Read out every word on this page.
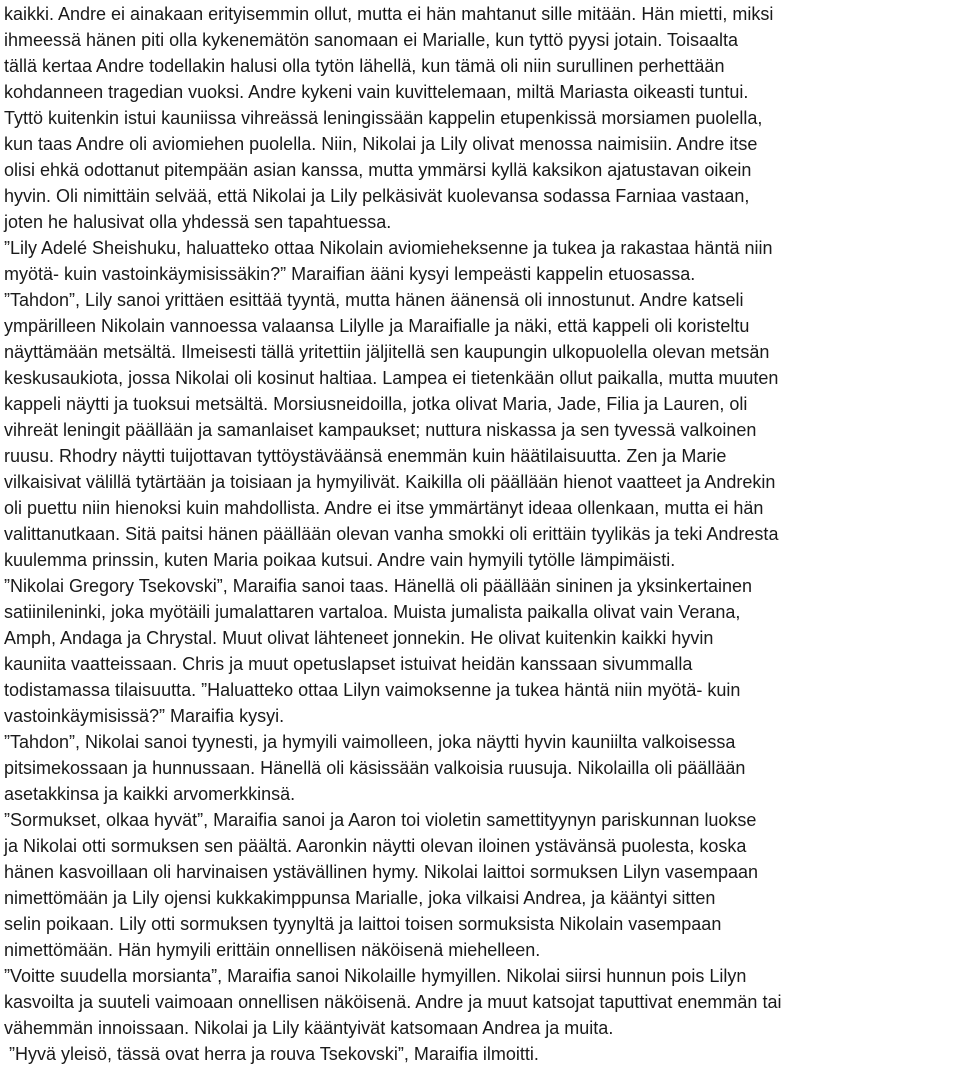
kaikki. Andre ei ainakaan erityisemmin ollut, mutta ei hän mahtanut sille mitään. Hän mietti, miksi
ihmeessä hänen piti olla kykenemätön sanomaan ei Marialle, kun tyttö pyysi jotain. Toisaalta
tällä kertaa Andre todellakin halusi olla tytön lähellä, kun tämä oli niin surullinen perhettään
kohdanneen tragedian vuoksi. Andre kykeni vain kuvittelemaan, miltä Mariasta oikeasti tuntui.
Tyttö kuitenkin istui kauniissa vihreässä leningissään kappelin etupenkissä morsiamen puolella,
kun taas Andre oli aviomiehen puolella. Niin, Nikolai ja Lily olivat menossa naimisiin. Andre itse
olisi ehkä odottanut pitempään asian kanssa, mutta ymmärsi kyllä kaksikon ajatustavan oikein
hyvin. Oli nimittäin selvää, että Nikolai ja Lily pelkäsivät kuolevansa sodassa Farniaa vastaan,
joten he halusivat olla yhdessä sen tapahtuessa.
”Lily Adelé Sheishuku, haluatteko ottaa Nikolain aviomieheksenne ja tukea ja rakastaa häntä niin
myötä- kuin vastoinkäymisissäkin?” Maraifian ääni kysyi lempeästi kappelin etuosassa.
”Tahdon”, Lily sanoi yrittäen esittää tyyntä, mutta hänen äänensä oli innostunut. Andre katseli
ympärilleen Nikolain vannoessa valaansa Lilylle ja Maraifialle ja näki, että kappeli oli koristeltu
näyttämään metsältä. Ilmeisesti tällä yritettiin jäljitellä sen kaupungin ulkopuolella olevan metsän
keskusaukiota, jossa Nikolai oli kosinut haltiaa. Lampea ei tietenkään ollut paikalla, mutta muuten
kappeli näytti ja tuoksui metsältä. Morsiusneidoilla, jotka olivat Maria, Jade, Filia ja Lauren, oli
vihreät leningit päällään ja samanlaiset kampaukset; nuttura niskassa ja sen tyvessä valkoinen
ruusu. Rhodry näytti tuijottavan tyttöystäväänsä enemmän kuin häätilaisuutta. Zen ja Marie
vilkaisivat välillä tytärtään ja toisiaan ja hymyilivät. Kaikilla oli päällään hienot vaatteet ja Andrekin
oli puettu niin hienoksi kuin mahdollista. Andre ei itse ymmärtänyt ideaa ollenkaan, mutta ei hän
valittanutkaan. Sitä paitsi hänen päällään olevan vanha smokki oli erittäin tyylikäs ja teki Andresta
kuulemma prinssin, kuten Maria poikaa kutsui. Andre vain hymyili tytölle lämpimäisti.
”Nikolai Gregory Tsekovski”, Maraifia sanoi taas. Hänellä oli päällään sininen ja yksinkertainen
satiinileninki, joka myötäili jumalattaren vartaloa. Muista jumalista paikalla olivat vain Verana,
Amph, Andaga ja Chrystal. Muut olivat lähteneet jonnekin. He olivat kuitenkin kaikki hyvin
kauniita vaatteissaan. Chris ja muut opetuslapset istuivat heidän kanssaan sivummalla
todistamassa tilaisuutta. ”Haluatteko ottaa Lilyn vaimoksenne ja tukea häntä niin myötä- kuin
vastoinkäymisissä?” Maraifia kysyi.
”Tahdon”, Nikolai sanoi tyynesti, ja hymyili vaimolleen, joka näytti hyvin kauniilta valkoisessa
pitsimekossaan ja hunnussaan. Hänellä oli käsissään valkoisia ruusuja. Nikolailla oli päällään
asetakkinsa ja kaikki arvomerkkinsä.
”Sormukset, olkaa hyvät”, Maraifia sanoi ja Aaron toi violetin samettityynyn pariskunnan luokse
ja Nikolai otti sormuksen sen päältä. Aaronkin näytti olevan iloinen ystävänsä puolesta, koska
hänen kasvoillaan oli harvinaisen ystävällinen hymy. Nikolai laittoi sormuksen Lilyn vasempaan
nimettömään ja Lily ojensi kukkakimppunsa Marialle, joka vilkaisi Andrea, ja kääntyi sitten
selin poikaan. Lily otti sormuksen tyynyltä ja laittoi toisen sormuksista Nikolain vasempaan
nimettömään. Hän hymyili erittäin onnellisen näköisenä miehelleen.
”Voitte suudella morsianta”, Maraifia sanoi Nikolaille hymyillen. Nikolai siirsi hunnun pois Lilyn
kasvoilta ja suuteli vaimoaan onnellisen näköisenä. Andre ja muut katsojat taputtivat enemmän tai
vähemmän innoissaan. Nikolai ja Lily kääntyivät katsomaan Andrea ja muita.
”Hyvä yleisö, tässä ovat herra ja rouva Tsekovski”, Maraifia ilmoitti.
